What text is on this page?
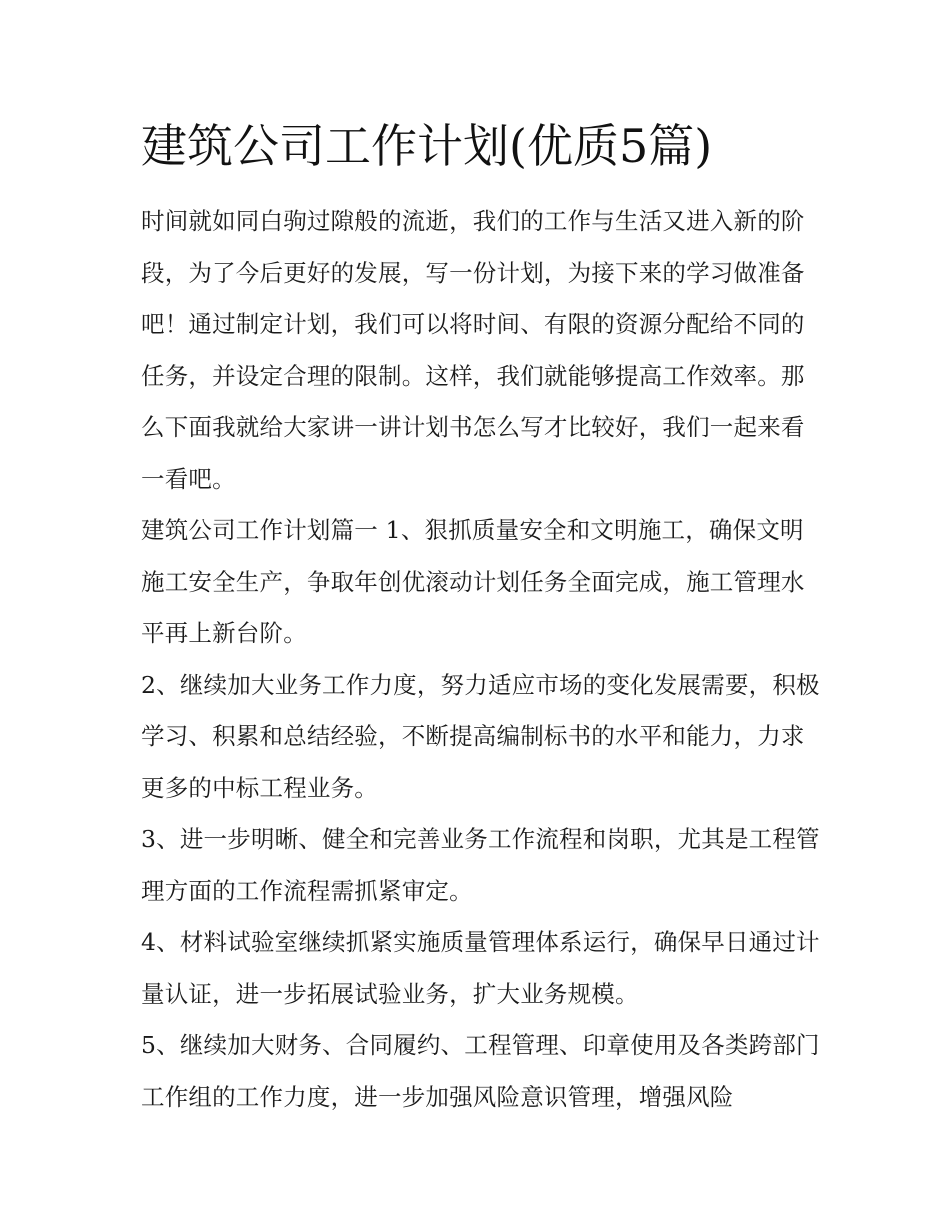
建筑公司工作计划(优质5篇)

时间就如同白驹过隙般的流逝，我们的工作与生活又进入新的阶段，为了今后更好的发展，写一份计划，为接下来的学习做准备吧！通过制定计划，我们可以将时间、有限的资源分配给不同的任务，并设定合理的限制。这样，我们就能够提高工作效率。那么下面我就给大家讲一讲计划书怎么写才比较好，我们一起来看一看吧。

建筑公司工作计划篇一 1、狠抓质量安全和文明施工，确保文明施工安全生产，争取年创优滚动计划任务全面完成，施工管理水平再上新台阶。

2、继续加大业务工作力度，努力适应市场的变化发展需要，积极学习、积累和总结经验，不断提高编制标书的水平和能力，力求更多的中标工程业务。

3、进一步明晰、健全和完善业务工作流程和岗职，尤其是工程管理方面的工作流程需抓紧审定。

4、材料试验室继续抓紧实施质量管理体系运行，确保早日通过计量认证，进一步拓展试验业务，扩大业务规模。

5、继续加大财务、合同履约、工程管理、印章使用及各类跨部门工作组的工作力度，进一步加强风险意识管理，增强风险
